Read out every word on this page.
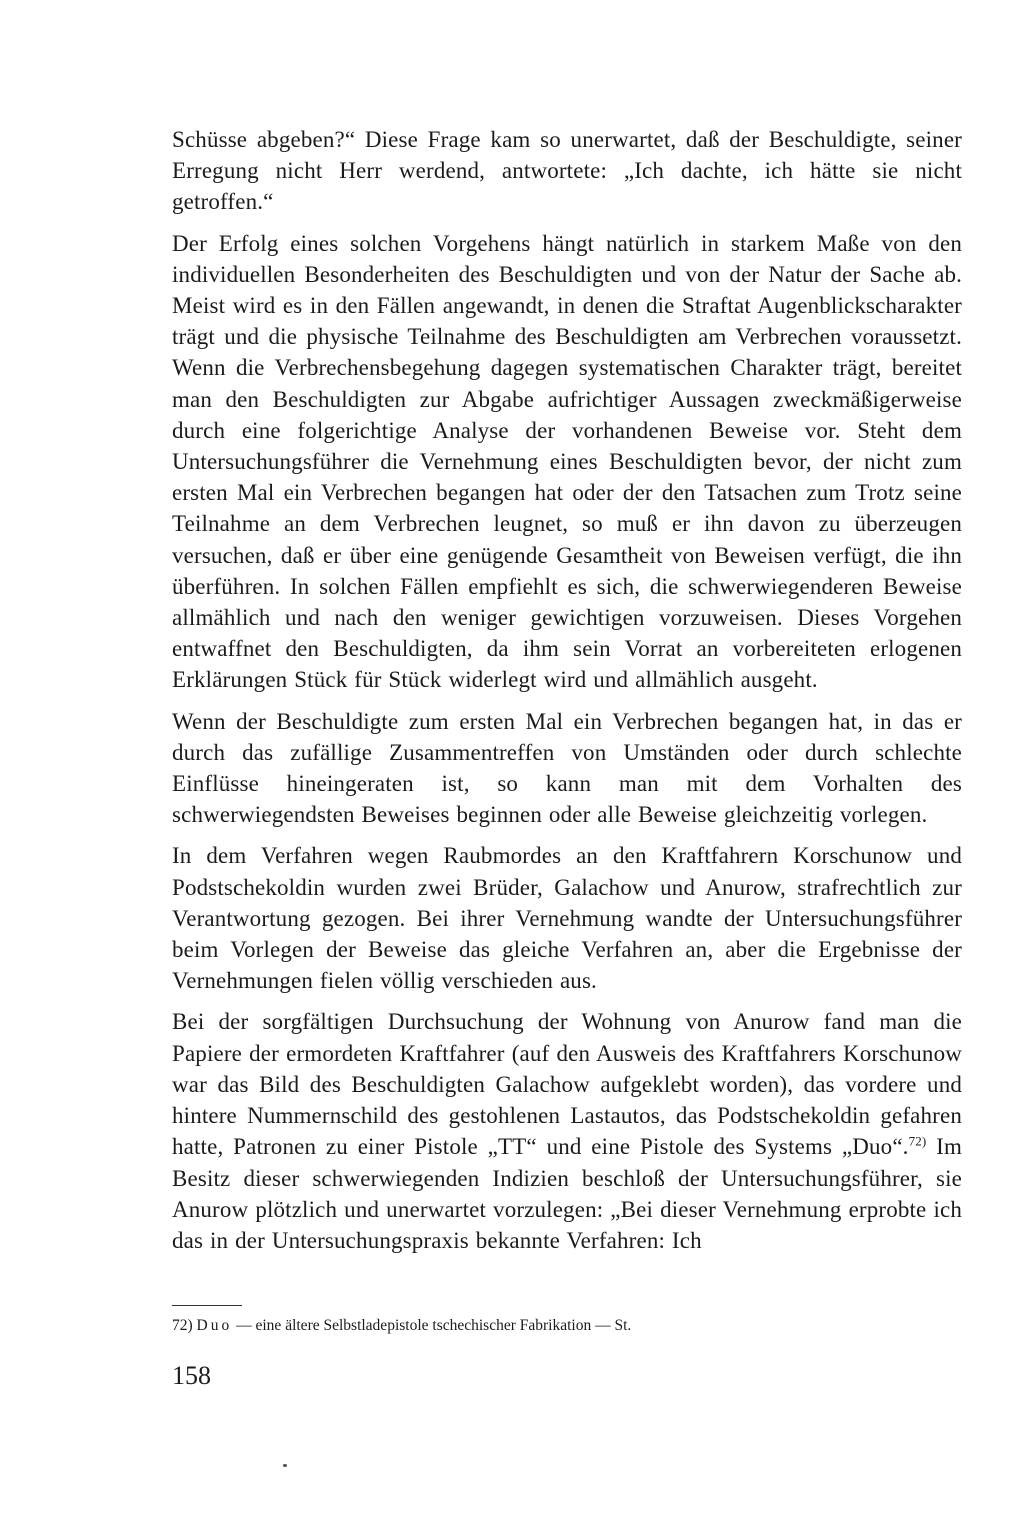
Schüsse abgeben?“ Diese Frage kam so unerwartet, daß der Beschuldigte, seiner Erregung nicht Herr werdend, antwortete: „Ich dachte, ich hätte sie nicht getroffen.“

Der Erfolg eines solchen Vorgehens hängt natürlich in starkem Maße von den individuellen Besonderheiten des Beschuldigten und von der Natur der Sache ab. Meist wird es in den Fällen angewandt, in denen die Straftat Augenblickscharakter trägt und die physische Teilnahme des Beschuldigten am Verbrechen voraussetzt. Wenn die Verbrechensbegehung dagegen systematischen Charakter trägt, bereitet man den Beschuldigten zur Abgabe aufrichtiger Aussagen zweckmäßigerweise durch eine folgerichtige Analyse der vorhandenen Beweise vor. Steht dem Untersuchungsführer die Vernehmung eines Beschuldigten bevor, der nicht zum ersten Mal ein Verbrechen begangen hat oder der den Tatsachen zum Trotz seine Teilnahme an dem Verbrechen leugnet, so muß er ihn davon zu überzeugen versuchen, daß er über eine genügende Gesamtheit von Beweisen verfügt, die ihn überführen. In solchen Fällen empfiehlt es sich, die schwerwiegenderen Beweise allmählich und nach den weniger gewichtigen vorzuweisen. Dieses Vorgehen entwaffnet den Beschuldigten, da ihm sein Vorrat an vorbereiteten erlogenen Erklärungen Stück für Stück widerlegt wird und allmählich ausgeht.

Wenn der Beschuldigte zum ersten Mal ein Verbrechen begangen hat, in das er durch das zufällige Zusammentreffen von Umständen oder durch schlechte Einflüsse hineingeraten ist, so kann man mit dem Vorhalten des schwerwiegendsten Beweises beginnen oder alle Beweise gleichzeitig vorlegen.

In dem Verfahren wegen Raubmordes an den Kraftfahrern Korschunow und Podstschekoldin wurden zwei Brüder, Galachow und Anurow, strafrechtlich zur Verantwortung gezogen. Bei ihrer Vernehmung wandte der Untersuchungsführer beim Vorlegen der Beweise das gleiche Verfahren an, aber die Ergebnisse der Vernehmungen fielen völlig verschieden aus.

Bei der sorgfältigen Durchsuchung der Wohnung von Anurow fand man die Papiere der ermordeten Kraftfahrer (auf den Ausweis des Kraftfahrers Korschunow war das Bild des Beschuldigten Galachow aufgeklebt worden), das vordere und hintere Nummernschild des gestohlenen Lastautos, das Podstschekoldin gefahren hatte, Patronen zu einer Pistole „TT“ und eine Pistole des Systems „Duo“.$^{72)}$ Im Besitz dieser schwerwiegenden Indizien beschloß der Untersuchungsführer, sie Anurow plötzlich und unerwartet vorzulegen: „Bei dieser Vernehmung erprobte ich das in der Untersuchungspraxis bekannte Verfahren: Ich

72) Duo — eine ältere Selbstladepistole tschechischer Fabrikation — St.
158
